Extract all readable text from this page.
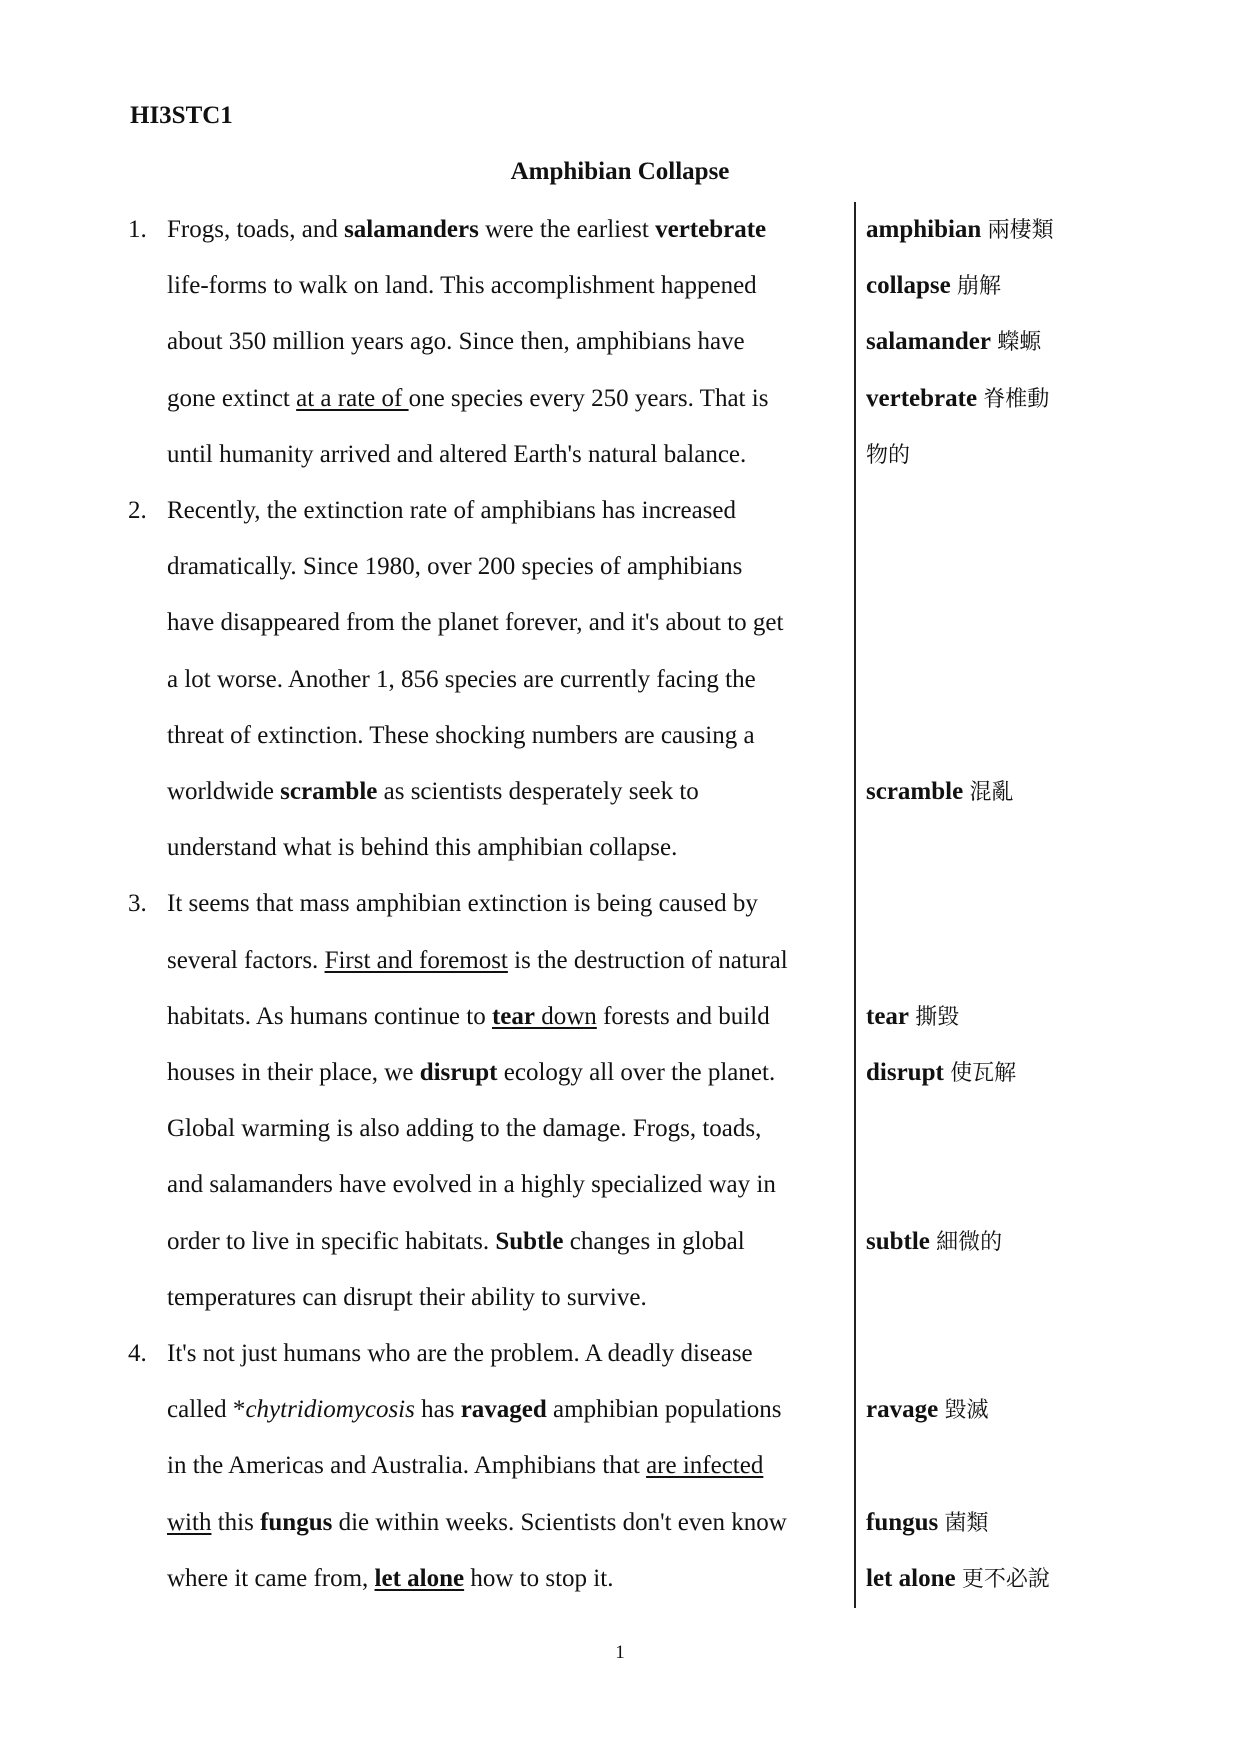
HI3STC1
Amphibian Collapse
1. Frogs, toads, and salamanders were the earliest vertebrate
life-forms to walk on land. This accomplishment happened
about 350 million years ago. Since then, amphibians have
gone extinct at a rate of one species every 250 years. That is
until humanity arrived and altered Earth's natural balance.
2. Recently, the extinction rate of amphibians has increased
dramatically. Since 1980, over 200 species of amphibians
have disappeared from the planet forever, and it's about to get
a lot worse. Another 1, 856 species are currently facing the
threat of extinction. These shocking numbers are causing a
worldwide scramble as scientists desperately seek to
understand what is behind this amphibian collapse.
3. It seems that mass amphibian extinction is being caused by
several factors. First and foremost is the destruction of natural
habitats. As humans continue to tear down forests and build
houses in their place, we disrupt ecology all over the planet.
Global warming is also adding to the damage. Frogs, toads,
and salamanders have evolved in a highly specialized way in
order to live in specific habitats. Subtle changes in global
temperatures can disrupt their ability to survive.
4. It's not just humans who are the problem. A deadly disease
called *chytridiomycosis has ravaged amphibian populations
in the Americas and Australia. Amphibians that are infected
with this fungus die within weeks. Scientists don't even know
where it came from, let alone how to stop it.
amphibian 兩棲類
collapse 崩解
salamander 蠑螈
vertebrate 脊椎動
物的
scramble 混亂
tear 撕毀
disrupt 使瓦解
subtle 細微的
ravage 毀滅
fungus 菌類
let alone 更不必說
1
